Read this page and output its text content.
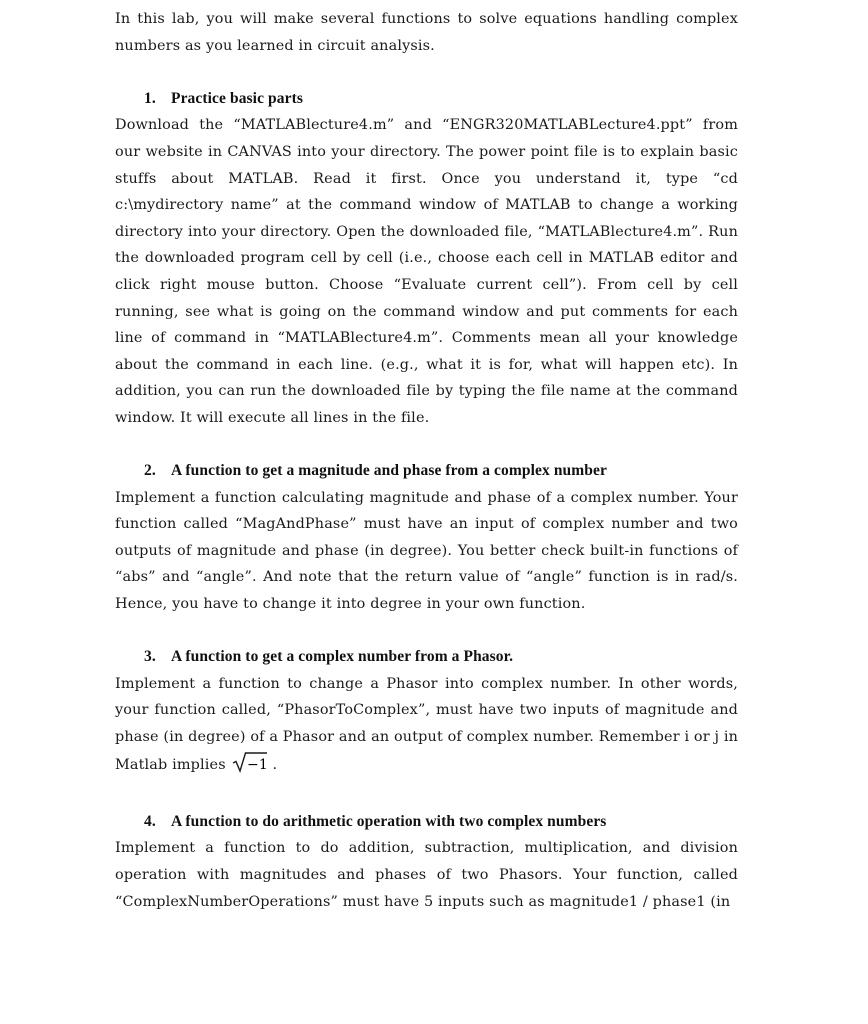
In this lab, you will make several functions to solve equations handling complex numbers as you learned in circuit analysis.

1. Practice basic parts

Download the “MATLABlecture4.m” and “ENGR320MATLABLecture4.ppt” from our website in CANVAS into your directory. The power point file is to explain basic stuffs about MATLAB. Read it first. Once you understand it, type “cd c:\mydirectory name” at the command window of MATLAB to change a working directory into your directory. Open the downloaded file, “MATLABlecture4.m”. Run the downloaded program cell by cell (i.e., choose each cell in MATLAB editor and click right mouse button. Choose “Evaluate current cell”). From cell by cell running, see what is going on the command window and put comments for each line of command in “MATLABlecture4.m”. Comments mean all your knowledge about the command in each line. (e.g., what it is for, what will happen etc). In addition, you can run the downloaded file by typing the file name at the command window. It will execute all lines in the file.

2. A function to get a magnitude and phase from a complex number

Implement a function calculating magnitude and phase of a complex number. Your function called “MagAndPhase” must have an input of complex number and two outputs of magnitude and phase (in degree). You better check built-in functions of “abs” and “angle”. And note that the return value of “angle” function is in rad/s. Hence, you have to change it into degree in your own function.

3. A function to get a complex number from a Phasor.

Implement a function to change a Phasor into complex number. In other words, your function called, “PhasorToComplex”, must have two inputs of magnitude and phase (in degree) of a Phasor and an output of complex number. Remember i or j in Matlab implies −1 .

4. A function to do arithmetic operation with two complex numbers

Implement a function to do addition, subtraction, multiplication, and division operation with magnitudes and phases of two Phasors. Your function, called “ComplexNumberOperations” must have 5 inputs such as magnitude1 / phase1 (in
